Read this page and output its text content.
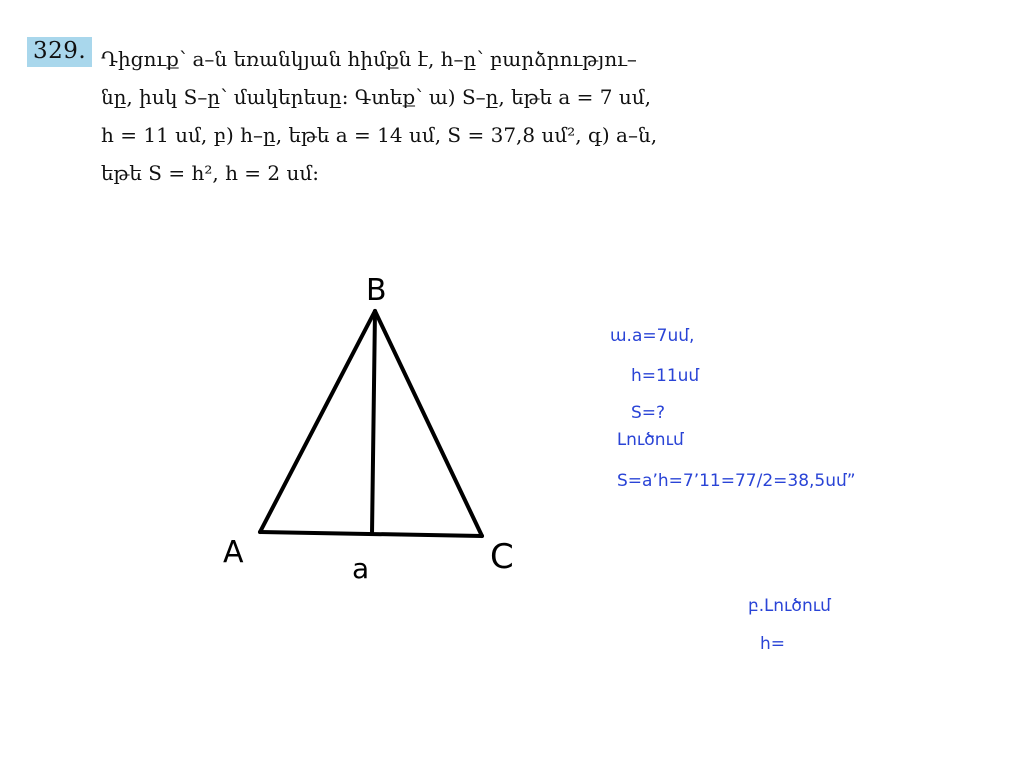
329. Դիցուք՝ a–ն եռանկյան հիմքն է, h–ը՝ բարձրությու–
նը, իսկ S–ը՝ մակերեսը: Գտեք՝ ա) S–ը, եթե a = 7 սմ,
h = 11 սմ, բ) h–ը, եթե a = 14 սմ, S = 37,8 սմ², գ) a–ն,
եթե S = h², h = 2 սմ:
B
A	C
a
ա.a=7սմ,
h=11սմ
S=?
Լուծում
S=a’h=7’11=77/2=38,5սմ”
բ.Լուծում
h=
